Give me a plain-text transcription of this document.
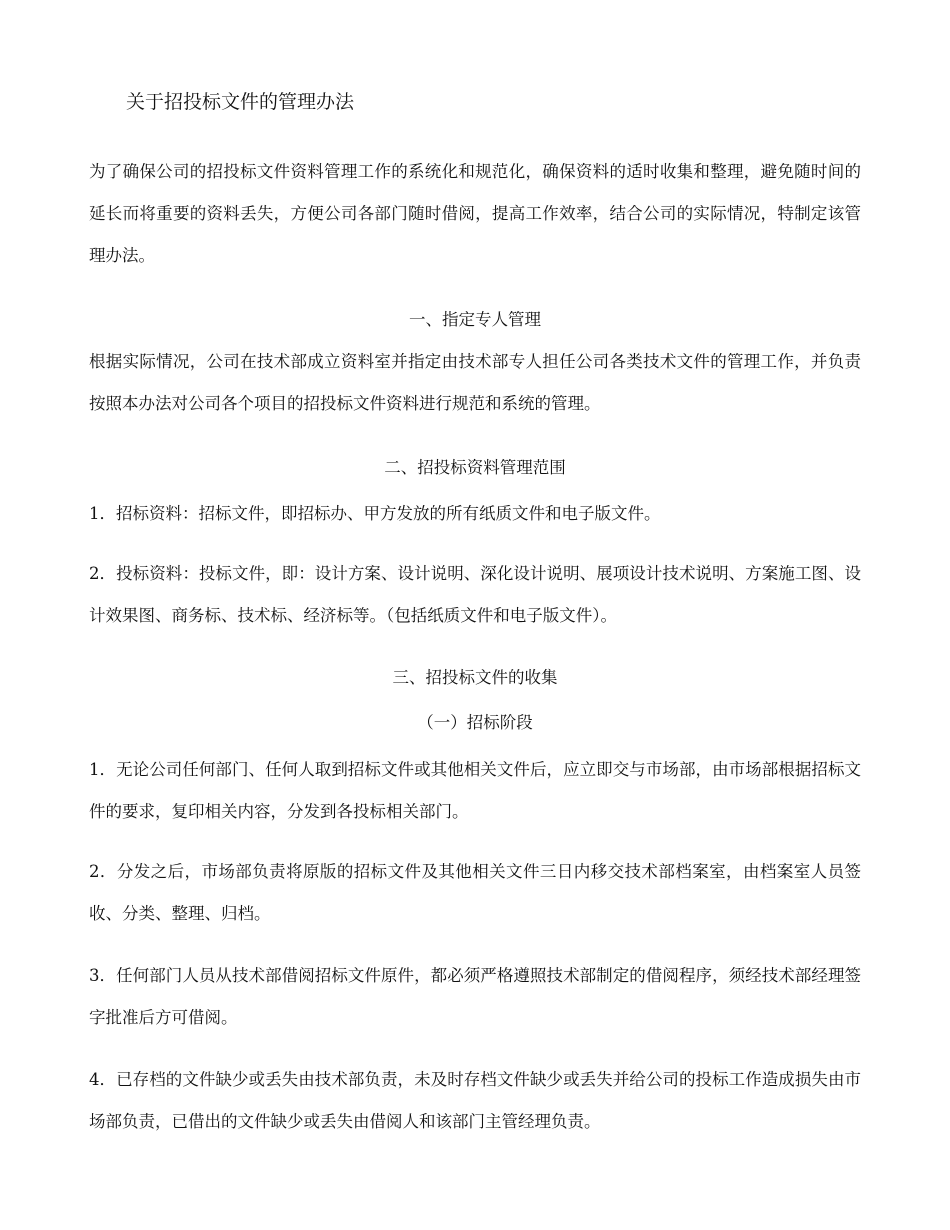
关于招投标文件的管理办法
为了确保公司的招投标文件资料管理工作的系统化和规范化，确保资料的适时收集和整理，避免随时间的延长而将重要的资料丢失，方便公司各部门随时借阅，提高工作效率，结合公司的实际情况，特制定该管理办法。
一、指定专人管理
根据实际情况，公司在技术部成立资料室并指定由技术部专人担任公司各类技术文件的管理工作，并负责按照本办法对公司各个项目的招投标文件资料进行规范和系统的管理。
二、招投标资料管理范围
1．招标资料：招标文件，即招标办、甲方发放的所有纸质文件和电子版文件。
2．投标资料：投标文件，即：设计方案、设计说明、深化设计说明、展项设计技术说明、方案施工图、设计效果图、商务标、技术标、经济标等。（包括纸质文件和电子版文件）。
三、招投标文件的收集
（一）招标阶段
1．无论公司任何部门、任何人取到招标文件或其他相关文件后，应立即交与市场部，由市场部根据招标文件的要求，复印相关内容，分发到各投标相关部门。
2．分发之后，市场部负责将原版的招标文件及其他相关文件三日内移交技术部档案室，由档案室人员签收、分类、整理、归档。
3．任何部门人员从技术部借阅招标文件原件，都必须严格遵照技术部制定的借阅程序，须经技术部经理签字批准后方可借阅。
4．已存档的文件缺少或丢失由技术部负责，未及时存档文件缺少或丢失并给公司的投标工作造成损失由市场部负责，已借出的文件缺少或丢失由借阅人和该部门主管经理负责。
